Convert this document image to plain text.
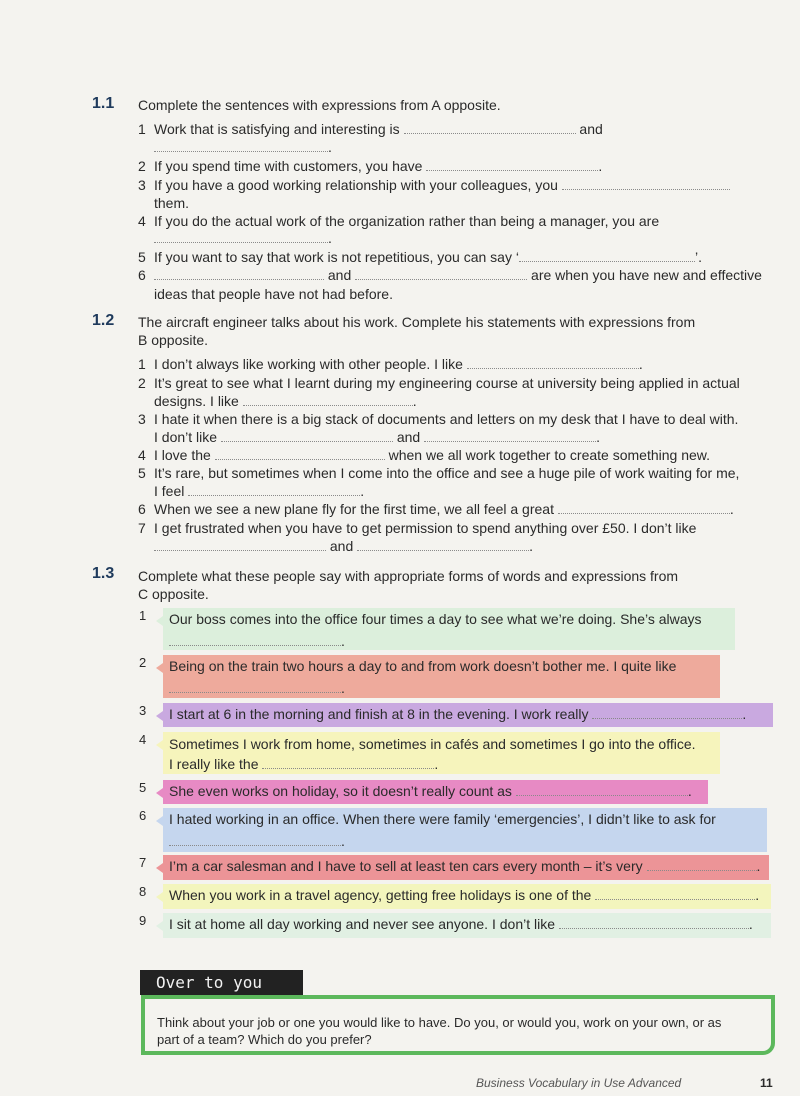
1.1 Complete the sentences with expressions from A opposite.
1 Work that is satisfying and interesting is	and
.
2 If you spend time with customers, you have	.
3 If you have a good working relationship with your colleagues, you
them.
4 If you do the actual work of the organization rather than being a manager, you are
.
5 If you want to say that work is not repetitious, you can say ‘	’.
6	and	are when you have new and effective
ideas that people have not had before.
1.2 The aircraft engineer talks about his work. Complete his statements with expressions from
B opposite.
1 I don’t always like working with other people. I like	.
2 It’s great to see what I learnt during my engineering course at university being applied in actual
designs. I like	.
3 I hate it when there is a big stack of documents and letters on my desk that I have to deal with.
I don’t like	and	.
4 I love the	when we all work together to create something new.
5 It’s rare, but sometimes when I come into the office and see a huge pile of work waiting for me,
I feel	.
6 When we see a new plane fly for the first time, we all feel a great	.
7 I get frustrated when you have to get permission to spend anything over £50. I don’t like
and	.
1.3 Complete what these people say with appropriate forms of words and expressions from
C opposite.
1 Our boss comes into the office four times a day to see what we’re doing. She’s always
.
2 Being on the train two hours a day to and from work doesn’t bother me. I quite like
.
3	I start at 6 in the morning and finish at 8 in the evening. I work really	.
4 Sometimes I work from home, sometimes in cafés and sometimes I go into the office.
I really like the	.
5	She even works on holiday, so it doesn’t really count as	.
6 I hated working in an office. When there were family ‘emergencies’, I didn’t like to ask for
.
7	I’m a car salesman and I have to sell at least ten cars every month – it’s very	.
8	When you work in a travel agency, getting free holidays is one of the	.
9	I sit at home all day working and never see anyone. I don’t like	.
Over to you
Think about your job or one you would like to have. Do you, or would you, work on your own, or as
part of a team? Which do you prefer?
Business Vocabulary in Use Advanced	11
